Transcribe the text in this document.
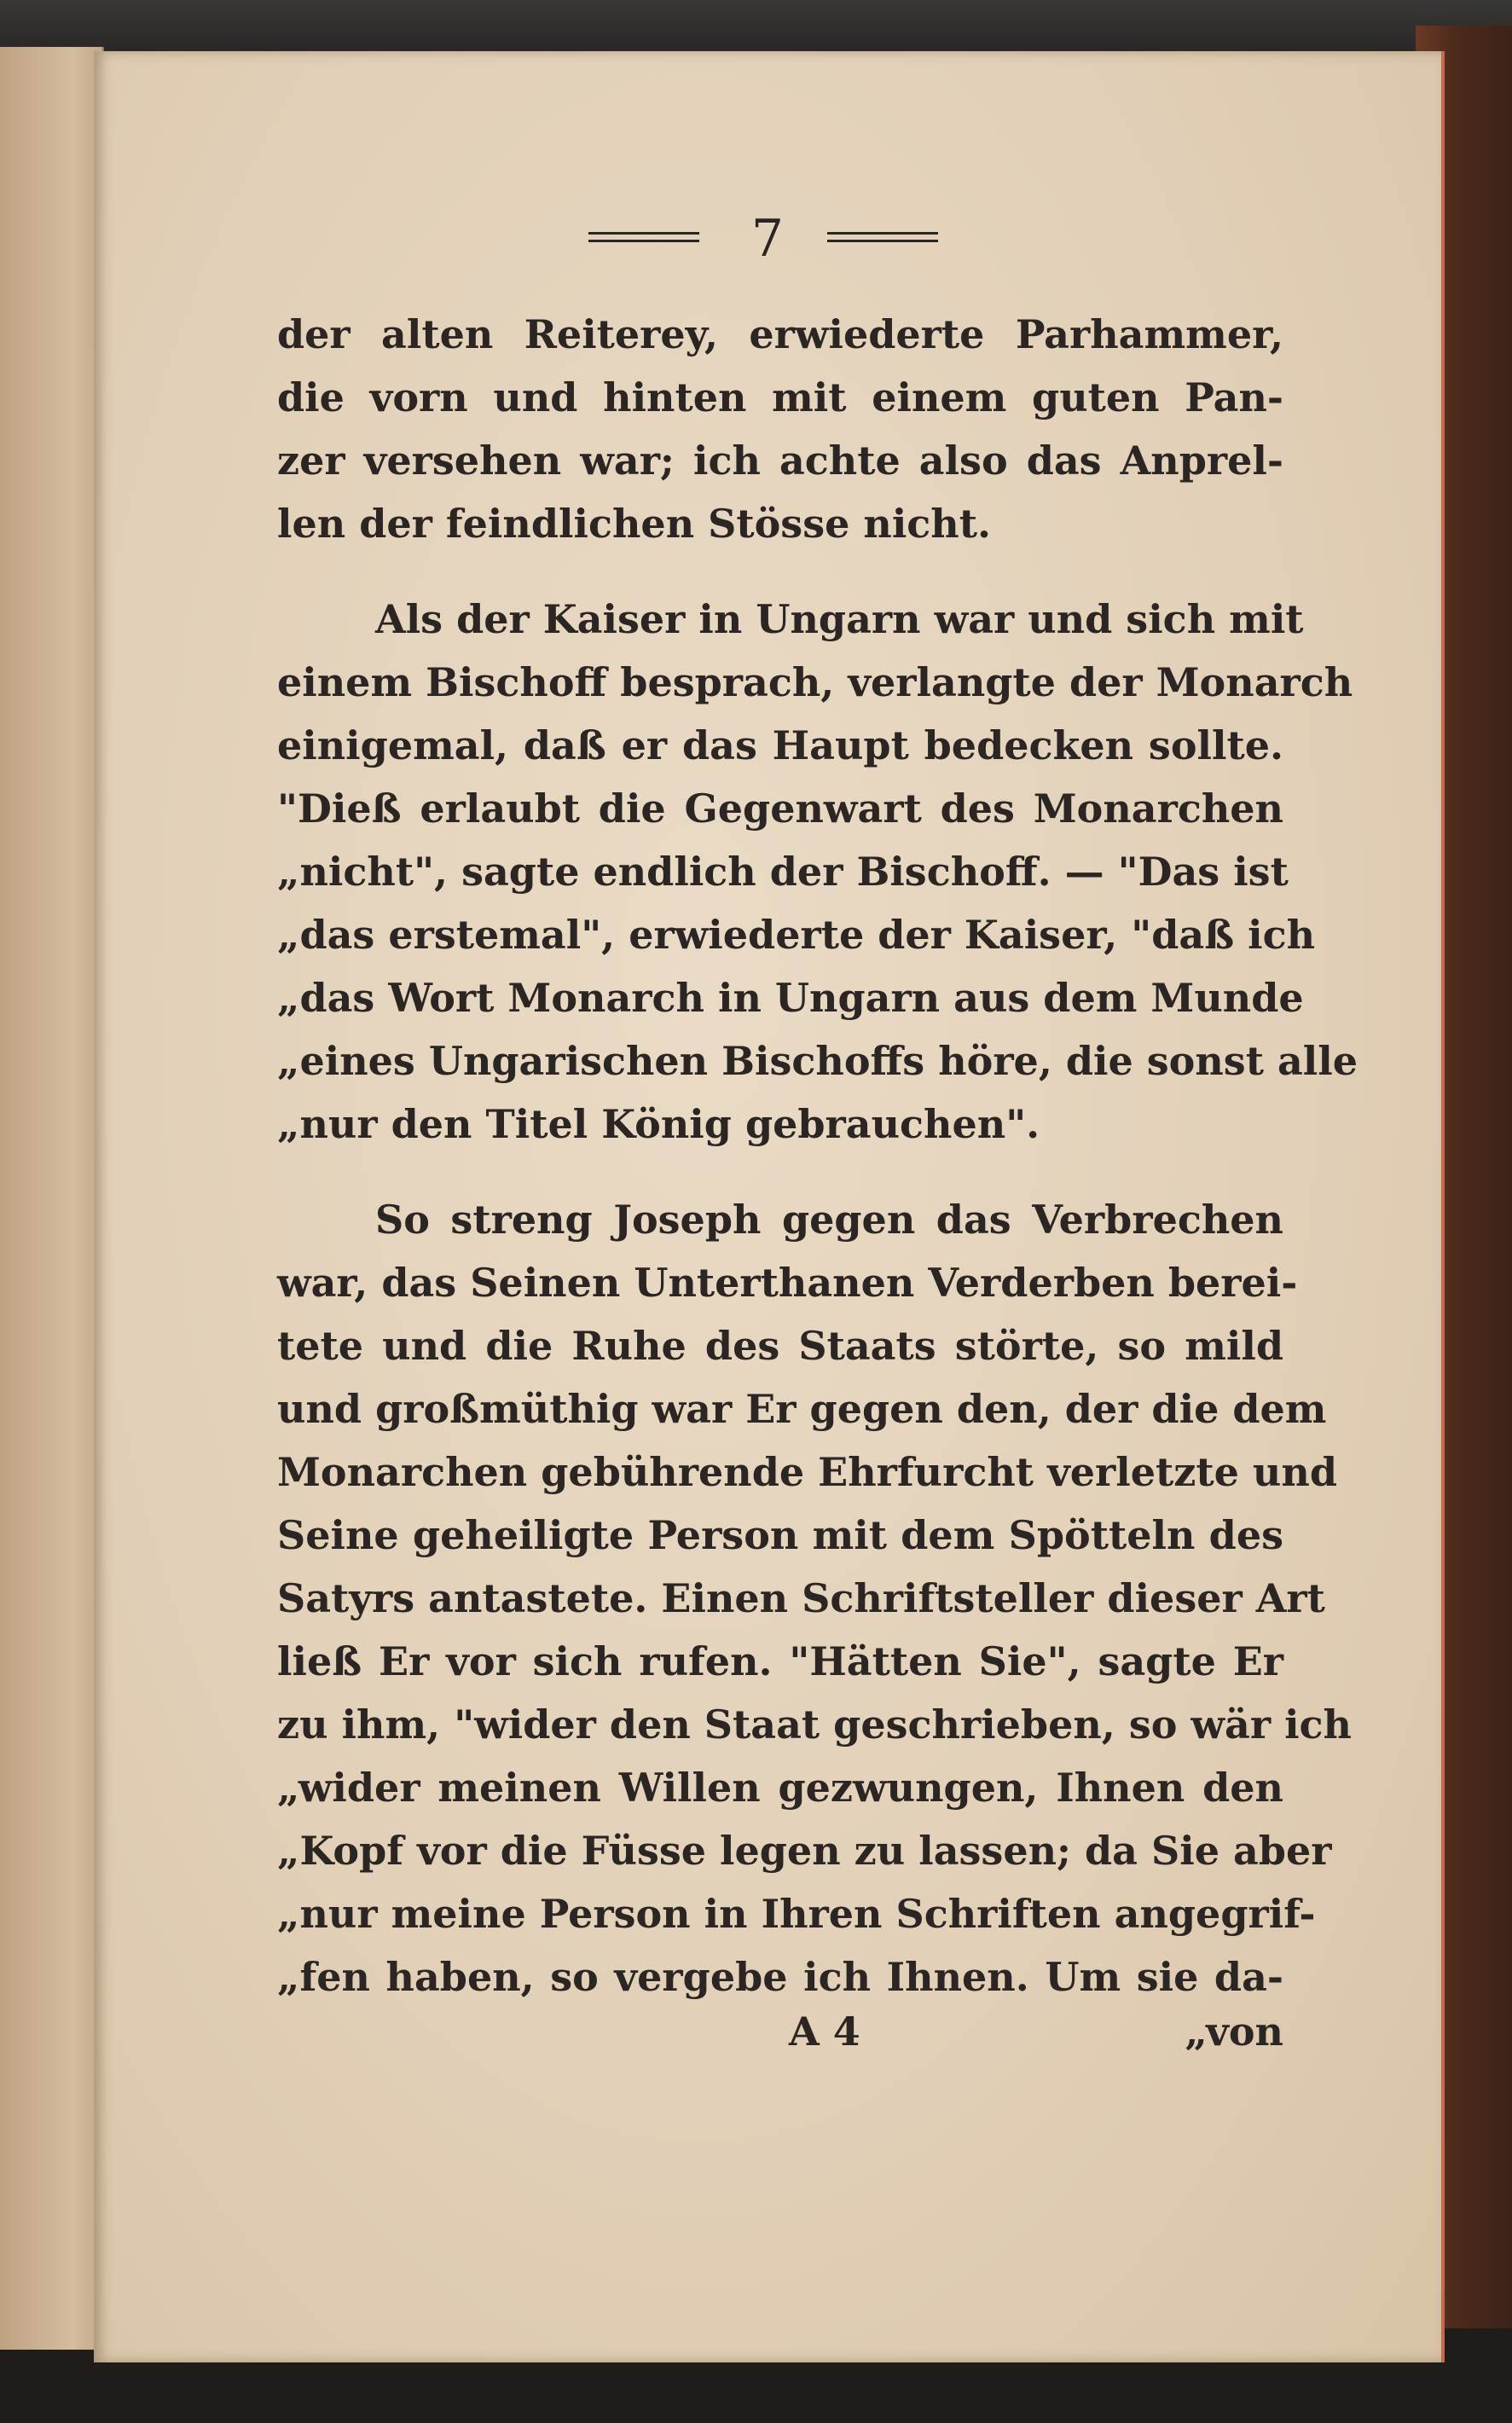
7
der alten Reiterey, erwiederte Parhammer,
die vorn und hinten mit einem guten Pan-
zer versehen war; ich achte also das Anprel-
len der feindlichen Stösse nicht.
Als der Kaiser in Ungarn war und sich mit
einem Bischoff besprach, verlangte der Monarch
einigemal, daß er das Haupt bedecken sollte.
"Dieß erlaubt die Gegenwart des Monarchen
„nicht", sagte endlich der Bischoff. — "Das ist
„das erstemal", erwiederte der Kaiser, "daß ich
„das Wort Monarch in Ungarn aus dem Munde
„eines Ungarischen Bischoffs höre, die sonst alle
„nur den Titel König gebrauchen".
So streng Joseph gegen das Verbrechen
war, das Seinen Unterthanen Verderben berei-
tete und die Ruhe des Staats störte, so mild
und großmüthig war Er gegen den, der die dem
Monarchen gebührende Ehrfurcht verletzte und
Seine geheiligte Person mit dem Spötteln des
Satyrs antastete. Einen Schriftsteller dieser Art
ließ Er vor sich rufen. "Hätten Sie", sagte Er
zu ihm, "wider den Staat geschrieben, so wär ich
„wider meinen Willen gezwungen, Ihnen den
„Kopf vor die Füsse legen zu lassen; da Sie aber
„nur meine Person in Ihren Schriften angegrif-
„fen haben, so vergebe ich Ihnen. Um sie da-
A 4	„von
